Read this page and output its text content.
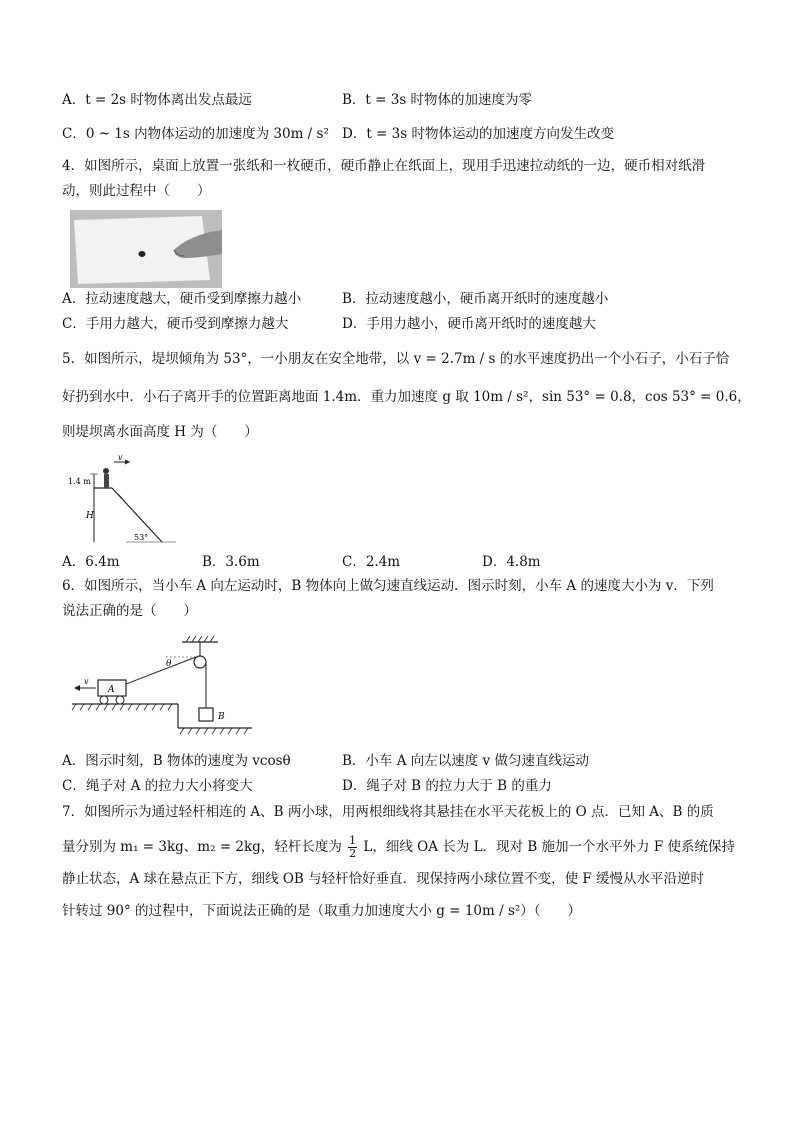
A．t = 2s 时物体离出发点最远	B．t = 3s 时物体的加速度为零
C．0 ~ 1s 内物体运动的加速度为 30m / s² D．t = 3s 时物体运动的加速度方向发生改变
4．如图所示，桌面上放置一张纸和一枚硬币，硬币静止在纸面上，现用手迅速拉动纸的一边，硬币相对纸滑
动，则此过程中（　　）
A．拉动速度越大，硬币受到摩擦力越小	B．拉动速度越小，硬币离开纸时的速度越小
C．手用力越大，硬币受到摩擦力越大	D．手用力越小，硬币离开纸时的速度越大
5．如图所示，堤坝倾角为 53°，一小朋友在安全地带，以 v = 2.7m / s 的水平速度扔出一个小石子，小石子恰
好扔到水中．小石子离开手的位置距离地面 1.4m．重力加速度 g 取 10m / s²，sin 53° = 0.8，cos 53° = 0.6，
则堤坝离水面高度 H 为（　　）
v
1.4 m
H
53°
A．6.4m	B．3.6m	C．2.4m	D．4.8m
6．如图所示，当小车 A 向左运动时，B 物体向上做匀速直线运动．图示时刻，小车 A 的速度大小为 v．下列
说法正确的是（　　）
A
v
θ
B
A．图示时刻，B 物体的速度为 vcosθ	B．小车 A 向左以速度 v 做匀速直线运动
C．绳子对 A 的拉力大小将变大	D．绳子对 B 的拉力大于 B 的重力
7．如图所示为通过轻杆相连的 A、B 两小球，用两根细线将其悬挂在水平天花板上的 O 点．已知 A、B 的质
量分别为 m₁ = 3kg、m₂ = 2kg，轻杆长度为 $\frac{1}{2}$ L，细线 OA 长为 L．现对 B 施加一个水平外力 F 使系统保持
静止状态，A 球在悬点正下方，细线 OB 与轻杆恰好垂直．现保持两小球位置不变，使 F 缓慢从水平沿逆时
针转过 90° 的过程中，下面说法正确的是（取重力加速度大小 g = 10m / s²）（　　）
